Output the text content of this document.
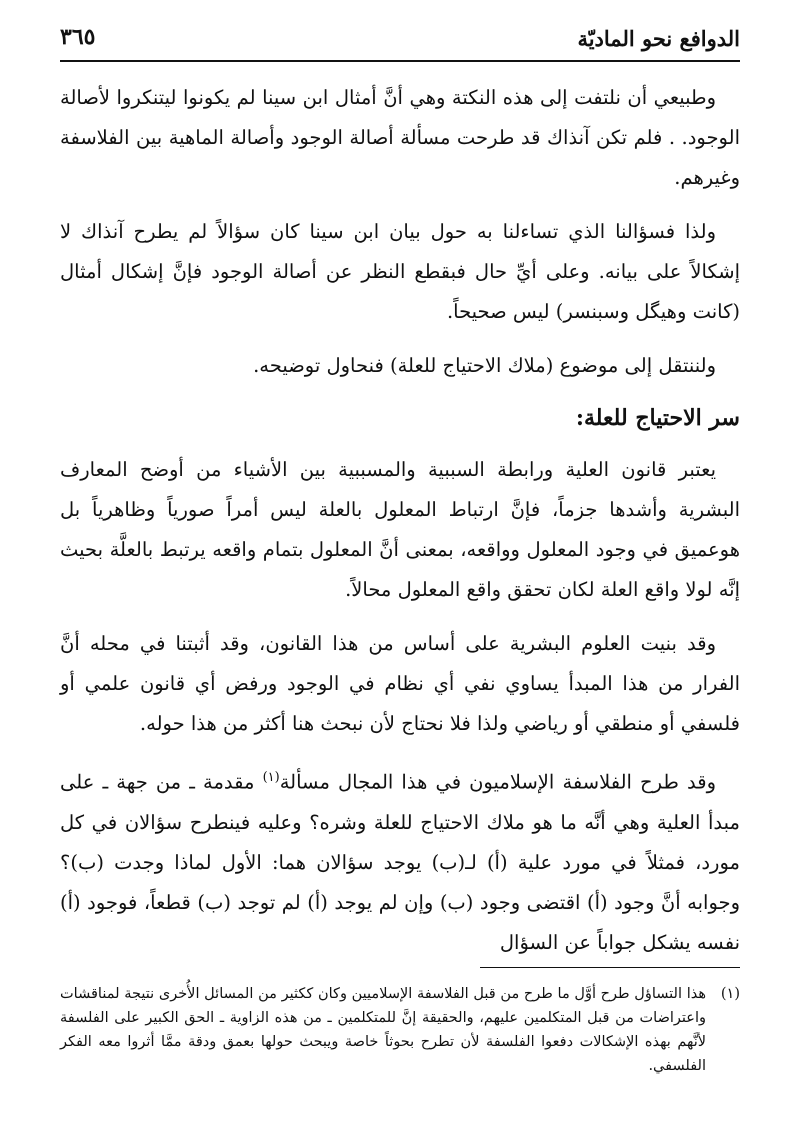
الدوافع نحو الماديّة
٣٦٥

وطبيعي أن نلتفت إلى هذه النكتة وهي أنَّ أمثال ابن سينا لم يكونوا ليتنكروا لأصالة الوجود. . فلم تكن آنذاك قد طرحت مسألة أصالة الوجود وأصالة الماهية بين الفلاسفة وغيرهم.

ولذا فسؤالنا الذي تساءلنا به حول بيان ابن سينا كان سؤالاً لم يطرح آنذاك لا إشكالاً على بيانه. وعلى أيِّ حال فبقطع النظر عن أصالة الوجود فإنَّ إشكال أمثال (كانت وهيگل وسبنسر) ليس صحيحاً.

ولننتقل إلى موضوع (ملاك الاحتياج للعلة) فنحاول توضيحه.

سر الاحتياج للعلة:

يعتبر قانون العلية ورابطة السببية والمسببية بين الأشياء من أوضح المعارف البشرية وأشدها جزماً، فإنَّ ارتباط المعلول بالعلة ليس أمراً صورياً وظاهرياً بل هوعميق في وجود المعلول وواقعه، بمعنى أنَّ المعلول بتمام واقعه يرتبط بالعلَّة بحيث إنَّه لولا واقع العلة لكان تحقق واقع المعلول محالاً.

وقد بنيت العلوم البشرية على أساس من هذا القانون، وقد أثبتنا في محله أنَّ الفرار من هذا المبدأ يساوي نفي أي نظام في الوجود ورفض أي قانون علمي أو فلسفي أو منطقي أو رياضي ولذا فلا نحتاج لأن نبحث هنا أكثر من هذا حوله.

وقد طرح الفلاسفة الإسلاميون في هذا المجال مسألة$^{(١)}$ مقدمة ـ من جهة ـ على مبدأ العلية وهي أنَّه ما هو ملاك الاحتياج للعلة وشره؟ وعليه فينطرح سؤالان في كل مورد، فمثلاً في مورد علية (أ) لـ(ب) يوجد سؤالان هما: الأول لماذا وجدت (ب)؟ وجوابه أنَّ وجود (أ) اقتضى وجود (ب) وإن لم يوجد (أ) لم توجد (ب) قطعاً، فوجود (أ) نفسه يشكل جواباً عن السؤال

(١)
هذا التساؤل طرح أوَّل ما طرح من قبل الفلاسفة الإسلاميين وكان ككثير من المسائل الأُخرى نتيجة لمناقشات واعتراضات من قبل المتكلمين عليهم، والحقيقة إنَّ للمتكلمين ـ من هذه الزاوية ـ الحق الكبير على الفلسفة لأنَّهم بهذه الإشكالات دفعوا الفلسفة لأن تطرح بحوثاً خاصة ويبحث حولها بعمق ودقة ممَّا أثروا معه الفكر الفلسفي.
